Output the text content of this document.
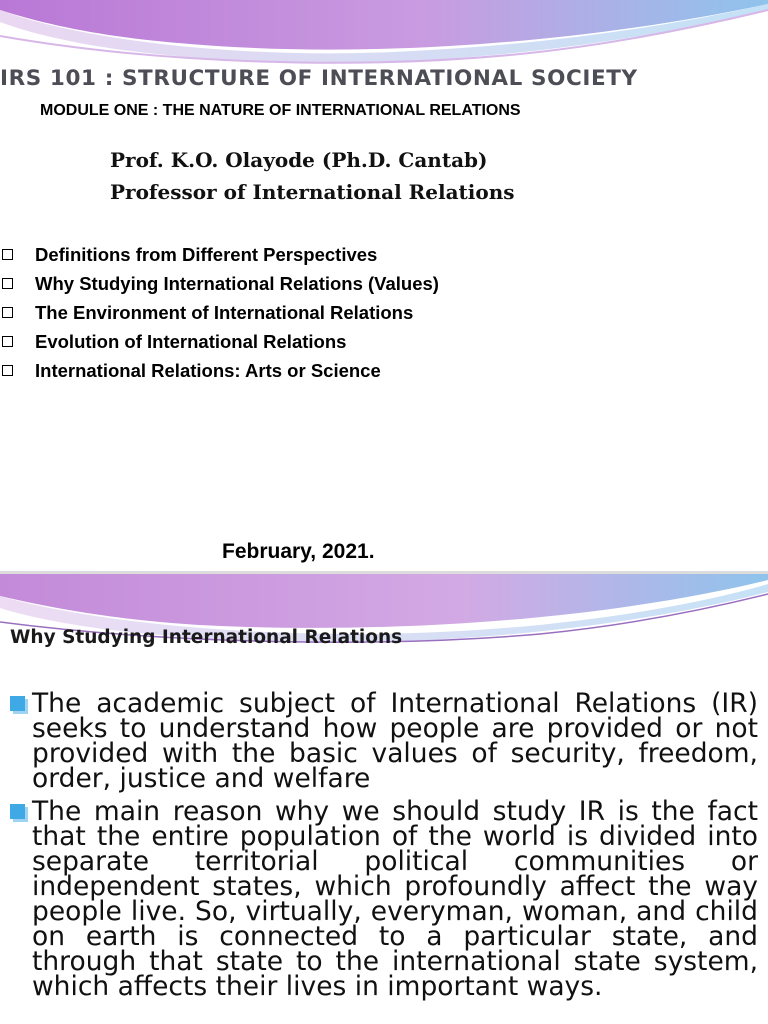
IRS 101 : STRUCTURE OF INTERNATIONAL SOCIETY
MODULE ONE : THE NATURE OF INTERNATIONAL RELATIONS
Prof. K.O. Olayode (Ph.D. Cantab)
Professor of International Relations
Definitions from Different Perspectives
Why Studying International Relations (Values)
The Environment of International Relations
Evolution of International Relations
International Relations: Arts or Science
February, 2021.
Why Studying International Relations
The academic subject of International Relations (IR) seeks to understand how people are provided or not provided with the basic values of security, freedom, order, justice and welfare
The main reason why we should study IR is the fact that the entire population of the world is divided into separate territorial political communities or independent states, which profoundly affect the way people live. So, virtually, everyman, woman, and child on earth is connected to a particular state, and through that state to the international state system, which affects their lives in important ways.
